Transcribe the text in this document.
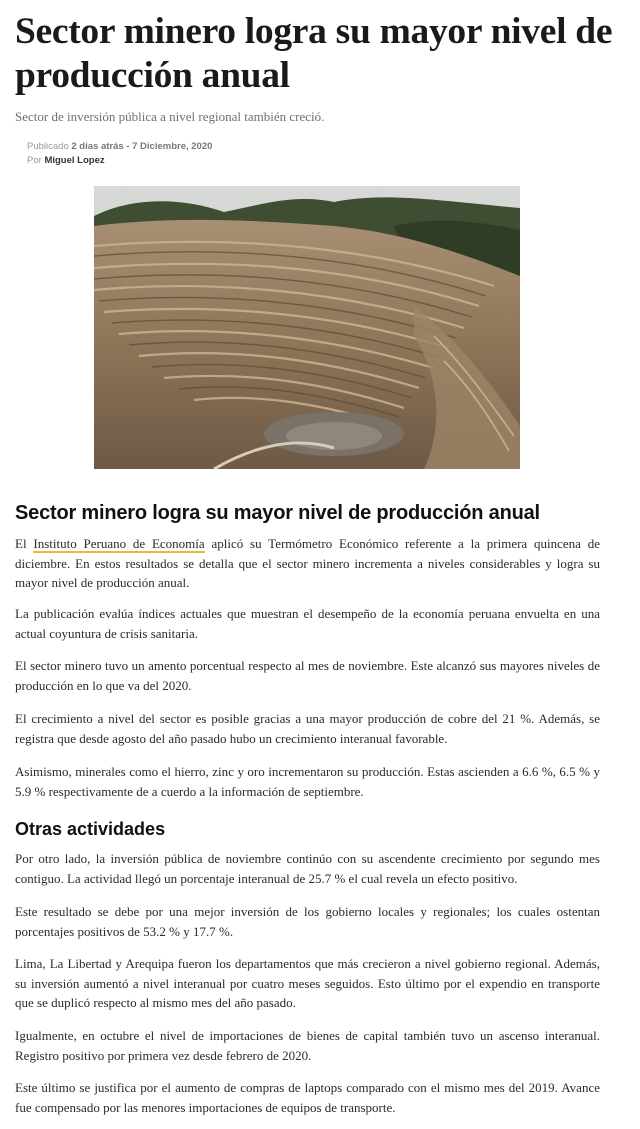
Sector minero logra su mayor nivel de producción anual

Sector de inversión pública a nivel regional también creció.

Publicado 2 días atrás - 7 Diciembre, 2020
Por Miguel Lopez
Sector minero logra su mayor nivel de producción anual

El Instituto Peruano de Economía aplicó su Termómetro Económico referente a la primera quincena de diciembre. En estos resultados se detalla que el sector minero incrementa a niveles considerables y logra su mayor nivel de producción anual.

La publicación evalúa índices actuales que muestran el desempeño de la economía peruana envuelta en una actual coyuntura de crisis sanitaria.

El sector minero tuvo un amento porcentual respecto al mes de noviembre. Este alcanzó sus mayores niveles de producción en lo que va del 2020.

El crecimiento a nivel del sector es posible gracias a una mayor producción de cobre del 21 %. Además, se registra que desde agosto del año pasado hubo un crecimiento interanual favorable.

Asimismo, minerales como el hierro, zinc y oro incrementaron su producción. Estas ascienden a 6.6 %, 6.5 % y 5.9 % respectivamente de a cuerdo a la información de septiembre.

Otras actividades

Por otro lado, la inversión pública de noviembre continúo con su ascendente crecimiento por segundo mes contiguo. La actividad llegó un porcentaje interanual de 25.7 % el cual revela un efecto positivo.

Este resultado se debe por una mejor inversión de los gobierno locales y regionales; los cuales ostentan porcentajes positivos de 53.2 % y 17.7 %.

Lima, La Libertad y Arequipa fueron los departamentos que más crecieron a nivel gobierno regional. Además, su inversión aumentó a nivel interanual por cuatro meses seguidos. Esto último por el expendio en transporte que se duplicó respecto al mismo mes del año pasado.

Igualmente, en octubre el nivel de importaciones de bienes de capital también tuvo un ascenso interanual. Registro positivo por primera vez desde febrero de 2020.

Este último se justifica por el aumento de compras de laptops comparado con el mismo mes del 2019. Avance fue compensado por las menores importaciones de equipos de transporte.
